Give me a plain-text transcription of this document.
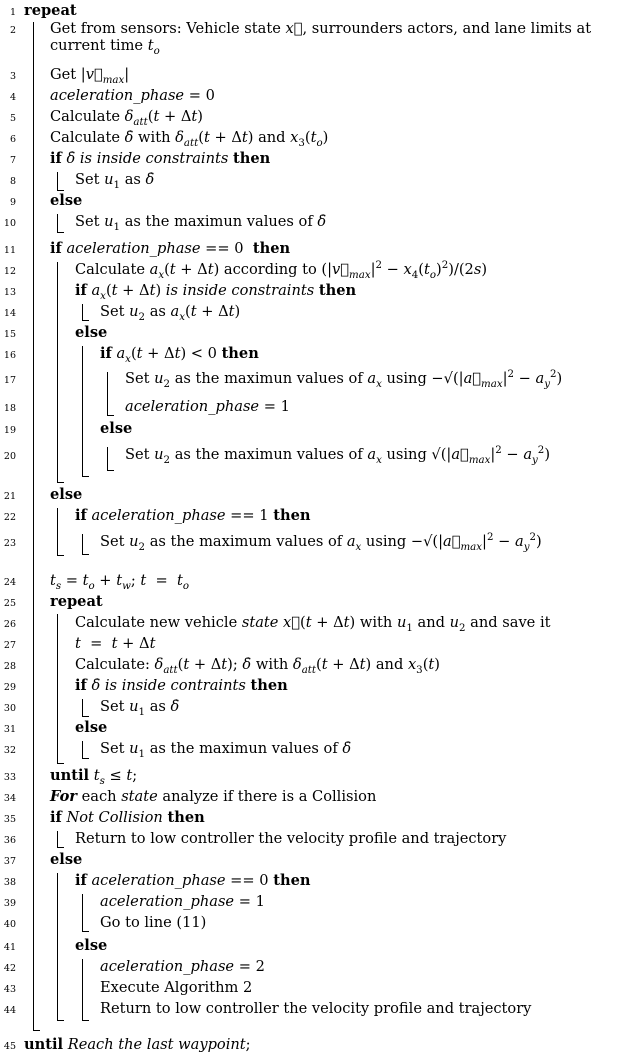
1 repeat
2 Get from sensors: Vehicle state x⃗, surrounders actors, and lane limits at current time $t_o$
3 Get $|v⃗_{max}|$
4 aceleration_phase = 0
5 Calculate $\delta_{att}(t + \Delta t)$
6 Calculate δ̇ with $\delta_{att}(t + \Delta t)$ and $x_3(t_o)$
7 if δ̇ is inside constraints then
8	Set $u_1$ as δ̇
9 else
10	Set $u_1$ as the maximun values of δ̇
11 if aceleration_phase == 0  then
12	Calculate $a_x(t + \Delta t)$ according to $(|v⃗_{max}|^2 - x_4(t_o)^2)/(2s)$
13	if $a_x(t + \Delta t)$ is inside constraints then
14	Set $u_2$ as $a_x(t + \Delta t)$
15	else
16	if $a_x(t + \Delta t) < 0$ then
17	Set $u_2$ as the maximun values of $a_x$ $using -√(|a⃗_{max}|^2 - a_y^2)$
18	aceleration_phase = 1
19	else
20	Set $u_2$ as the maximun values of $a_x$ using $√(|a⃗_{max}|^2 - a_y^2)$
21 else
22	if aceleration_phase == 1 then
23	Set $u_2$ as the maximum values of $a_x$ $using -√(|a⃗_{max}|^2 - a_y^2)$
24 $t_s = t_o + t_w$; $t = t_o$
25 repeat
26	Calculate new vehicle state x⃗(t + Δt) with $u_1$ and $u_2$ and save it
27	t  =  t + Δt
28	Calculate: $\delta_{att}(t + \Delta t)$; δ̇ with $\delta_{att}(t + \Delta t)$ and $x_3(t)$
29	if δ̇ is inside contraints then
30	Set $u_1$ as δ̇
31	else
32	Set $u_1$ as the maximun values of δ̇
33 until $t_s \le t$;
34 For each state analyze if there is a Collision
35 if Not Collision then
36	Return to low controller the velocity profile and trajectory
37 else
38	if aceleration_phase == 0 then
39	aceleration_phase = 1
40	Go to line (11)
41	else
42	aceleration_phase = 2
43	Execute Algorithm 2
44	Return to low controller the velocity profile and trajectory
45 until Reach the last waypoint;
